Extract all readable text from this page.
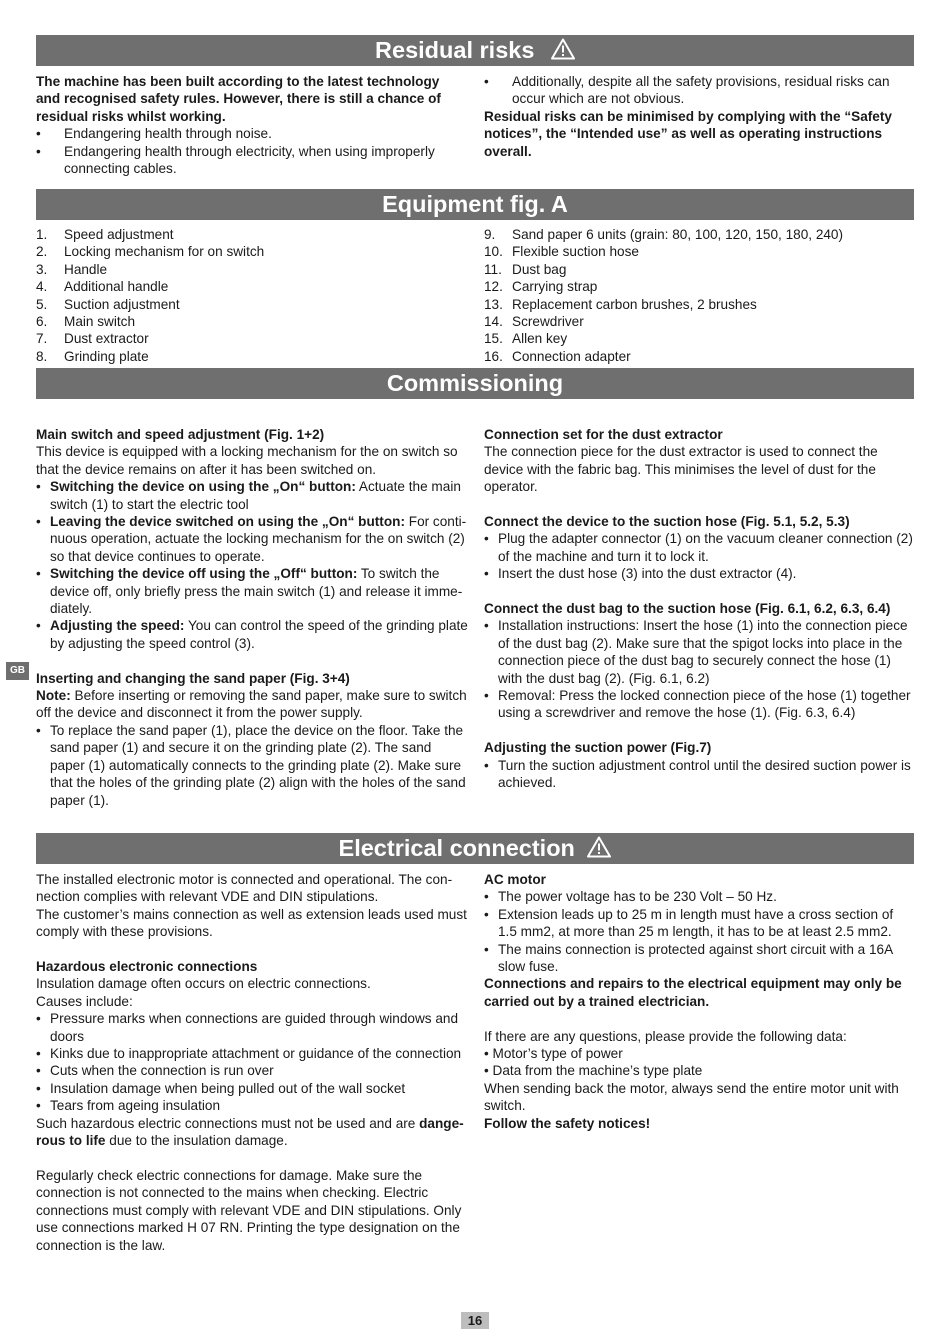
Residual risks

The machine has been built according to the latest technology and recognised safety rules. However, there is still a chance of residual risks whilst working.

• Endangering health through noise.
• Endangering health through electricity, when using improperly connecting cables.
• Additionally, despite all the safety provisions, residual risks can occur which are not obvious.

Residual risks can be minimised by complying with the “Safety notices”, the “Intended use” as well as operating instructions overall.

Equipment fig. A
1. Speed adjustment
2. Locking mechanism for on switch
3. Handle
4. Additional handle
5. Suction adjustment
6. Main switch
7. Dust extractor
8. Grinding plate
9. Sand paper 6 units (grain: 80, 100, 120, 150, 180, 240)
10. Flexible suction hose
11. Dust bag
12. Carrying strap
13. Replacement carbon brushes, 2 brushes
14. Screwdriver
15. Allen key
16. Connection adapter
Commissioning

Main switch and speed adjustment (Fig. 1+2)

This device is equipped with a locking mechanism for the on switch so that the device remains on after it has been switched on.

• Switching the device on using the „On“ button: Actuate the main switch (1) to start the electric tool
• Leaving the device switched on using the „On“ button: For conti-nuous operation, actuate the locking mechanism for the on switch (2) so that device continues to operate.
• Switching the device off using the „Off“ button: To switch the device off, only briefly press the main switch (1) and release it imme-diately.
• Adjusting the speed: You can control the speed of the grinding plate by adjusting the speed control (3).

Inserting and changing the sand paper (Fig. 3+4)

Note: Before inserting or removing the sand paper, make sure to switch off the device and disconnect it from the power supply.

• To replace the sand paper (1), place the device on the floor. Take the sand paper (1) and secure it on the grinding plate (2). The sand paper (1) automatically connects to the grinding plate (2). Make sure that the holes of the grinding plate (2) align with the holes of the sand paper (1).

Connection set for the dust extractor

The connection piece for the dust extractor is used to connect the device with the fabric bag. This minimises the level of dust for the operator.

Connect the device to the suction hose (Fig. 5.1, 5.2, 5.3)

• Plug the adapter connector (1) on the vacuum cleaner connection (2) of the machine and turn it to lock it.
• Insert the dust hose (3) into the dust extractor (4).

Connect the dust bag to the suction hose (Fig. 6.1, 6.2, 6.3, 6.4)

• Installation instructions: Insert the hose (1) into the connection piece of the dust bag (2). Make sure that the spigot locks into place in the connection piece of the dust bag to securely connect the hose (1) with the dust bag (2). (Fig. 6.1, 6.2)
• Removal: Press the locked connection piece of the hose (1) together using a screwdriver and remove the hose (1). (Fig. 6.3, 6.4)

Adjusting the suction power (Fig.7)

• Turn the suction adjustment control until the desired suction power is achieved.
GB
Electrical connection

The installed electronic motor is connected and operational. The con-nection complies with relevant VDE and DIN stipulations.

The customer’s mains connection as well as extension leads used must comply with these provisions.

Hazardous electronic connections

Insulation damage often occurs on electric connections.

Causes include:

• Pressure marks when connections are guided through windows and doors
• Kinks due to inappropriate attachment or guidance of the connection
• Cuts when the connection is run over
• Insulation damage when being pulled out of the wall socket
• Tears from ageing insulation

Such hazardous electric connections must not be used and are dange-rous to life due to the insulation damage.

Regularly check electric connections for damage. Make sure the connection is not connected to the mains when checking. Electric connections must comply with relevant VDE and DIN stipulations. Only use connections marked H 07 RN. Printing the type designation on the connection is the law.

AC motor

• The power voltage has to be 230 Volt – 50 Hz.
• Extension leads up to 25 m in length must have a cross section of 1.5 mm2, at more than 25 m length, it has to be at least 2.5 mm2.
• The mains connection is protected against short circuit with a 16A slow fuse.

Connections and repairs to the electrical equipment may only be carried out by a trained electrician.

If there are any questions, please provide the following data:

• Motor’s type of power

• Data from the machine’s type plate

When sending back the motor, always send the entire motor unit with switch.

Follow the safety notices!

16
